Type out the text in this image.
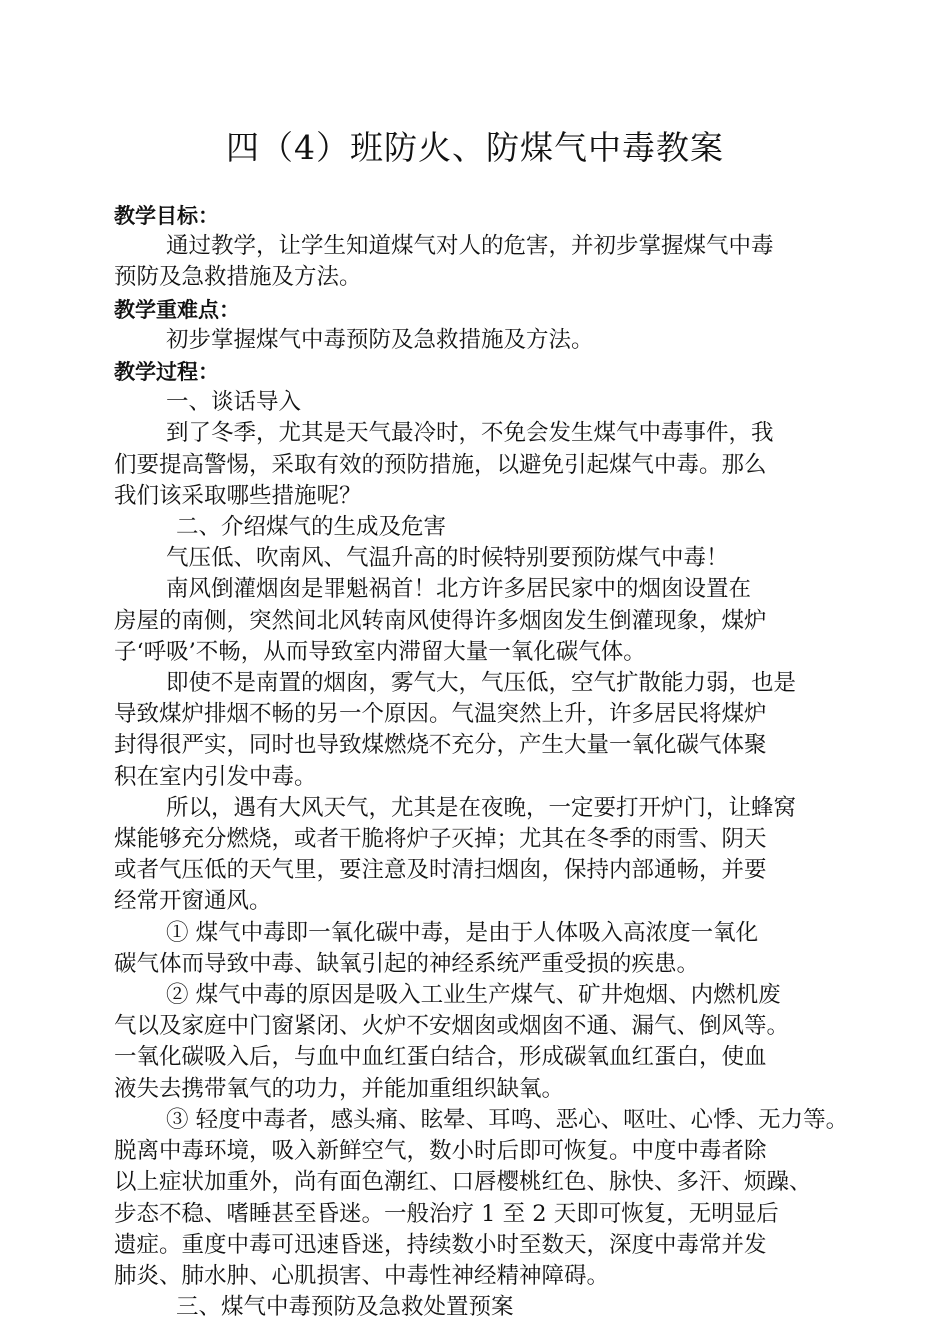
四（4）班防火、防煤气中毒教案

教学目标：

通过教学，让学生知道煤气对人的危害，并初步掌握煤气中毒

预防及急救措施及方法。

教学重难点：

初步掌握煤气中毒预防及急救措施及方法。

教学过程：

一、谈话导入

到了冬季，尤其是天气最冷时，不免会发生煤气中毒事件，我

们要提高警惕，采取有效的预防措施，以避免引起煤气中毒。那么

我们该采取哪些措施呢？

二、介绍煤气的生成及危害

气压低、吹南风、气温升高的时候特别要预防煤气中毒！

南风倒灌烟囱是罪魁祸首！北方许多居民家中的烟囱设置在

房屋的南侧，突然间北风转南风使得许多烟囱发生倒灌现象，煤炉

子‘呼吸’不畅，从而导致室内滞留大量一氧化碳气体。

即使不是南置的烟囱，雾气大，气压低，空气扩散能力弱，也是

导致煤炉排烟不畅的另一个原因。气温突然上升，许多居民将煤炉

封得很严实，同时也导致煤燃烧不充分，产生大量一氧化碳气体聚

积在室内引发中毒。

所以，遇有大风天气，尤其是在夜晚，一定要打开炉门，让蜂窝

煤能够充分燃烧，或者干脆将炉子灭掉；尤其在冬季的雨雪、阴天

或者气压低的天气里，要注意及时清扫烟囱，保持内部通畅，并要

经常开窗通风。

① 煤气中毒即一氧化碳中毒，是由于人体吸入高浓度一氧化

碳气体而导致中毒、缺氧引起的神经系统严重受损的疾患。

② 煤气中毒的原因是吸入工业生产煤气、矿井炮烟、内燃机废

气以及家庭中门窗紧闭、火炉不安烟囱或烟囱不通、漏气、倒风等。

一氧化碳吸入后，与血中血红蛋白结合，形成碳氧血红蛋白，使血

液失去携带氧气的功力，并能加重组织缺氧。

③ 轻度中毒者，感头痛、眩晕、耳鸣、恶心、呕吐、心悸、无力等。

脱离中毒环境，吸入新鲜空气，数小时后即可恢复。中度中毒者除

以上症状加重外，尚有面色潮红、口唇樱桃红色、脉快、多汗、烦躁、

步态不稳、嗜睡甚至昏迷。一般治疗 1 至 2 天即可恢复，无明显后

遗症。重度中毒可迅速昏迷，持续数小时至数天，深度中毒常并发

肺炎、肺水肿、心肌损害、中毒性神经精神障碍。

三、煤气中毒预防及急救处置预案
